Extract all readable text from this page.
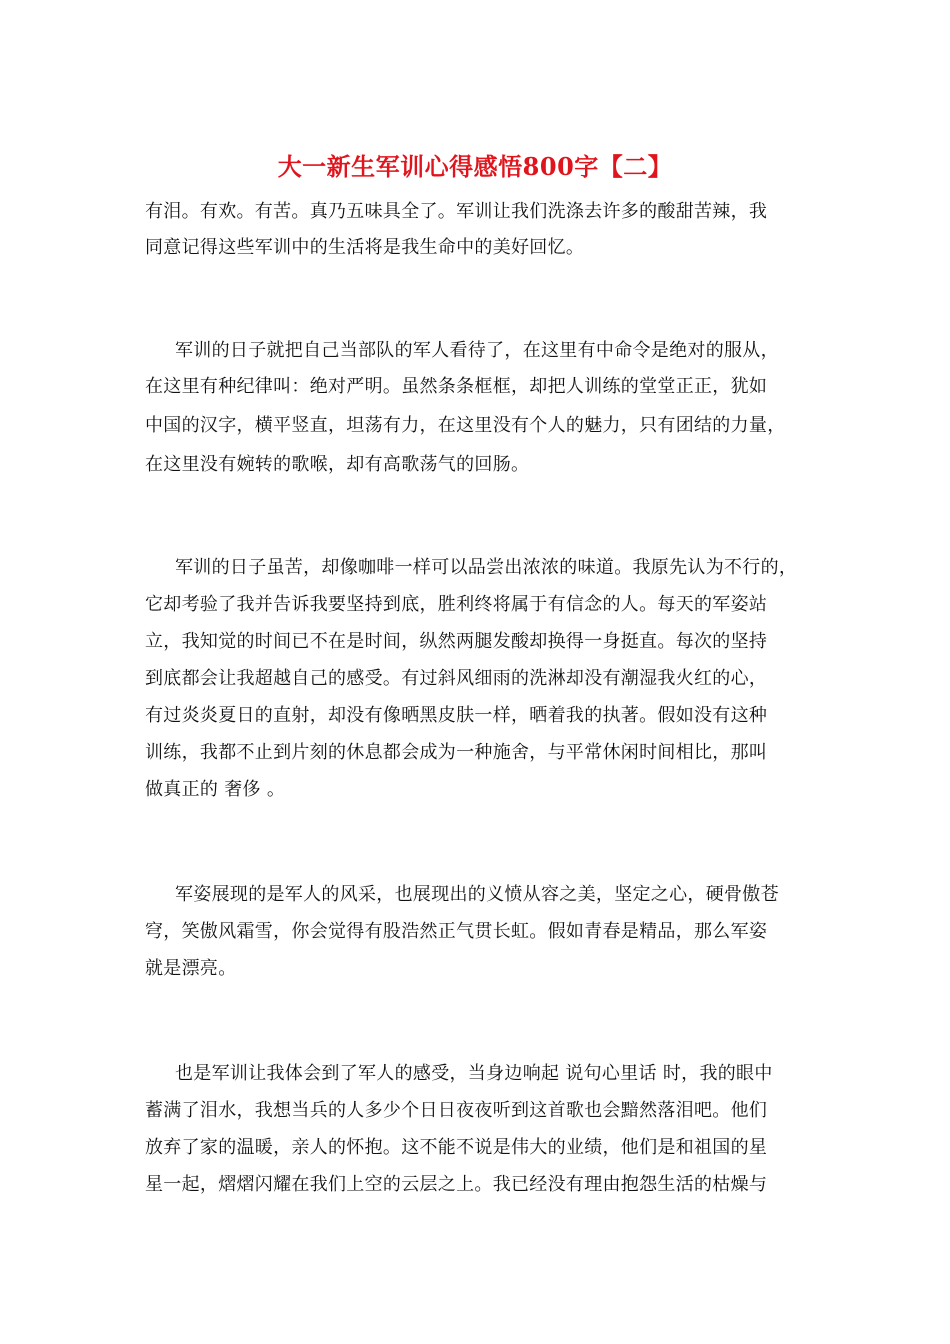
大一新生军训心得感悟800字【二】
有泪。有欢。有苦。真乃五味具全了。军训让我们洗涤去许多的酸甜苦辣，我
同意记得这些军训中的生活将是我生命中的美好回忆。
军训的日子就把自己当部队的军人看待了，在这里有中命令是绝对的服从，
在这里有种纪律叫：绝对严明。虽然条条框框，却把人训练的堂堂正正，犹如
中国的汉字，横平竖直，坦荡有力，在这里没有个人的魅力，只有团结的力量，
在这里没有婉转的歌喉，却有高歌荡气的回肠。
军训的日子虽苦，却像咖啡一样可以品尝出浓浓的味道。我原先认为不行的，
它却考验了我并告诉我要坚持到底，胜利终将属于有信念的人。每天的军姿站
立，我知觉的时间已不在是时间，纵然两腿发酸却换得一身挺直。每次的坚持
到底都会让我超越自己的感受。有过斜风细雨的洗淋却没有潮湿我火红的心，
有过炎炎夏日的直射，却没有像晒黑皮肤一样，晒着我的执著。假如没有这种
训练，我都不止到片刻的休息都会成为一种施舍，与平常休闲时间相比，那叫
做真正的 奢侈 。
军姿展现的是军人的风采，也展现出的义愤从容之美，坚定之心，硬骨傲苍
穹，笑傲风霜雪，你会觉得有股浩然正气贯长虹。假如青春是精品，那么军姿
就是漂亮。
也是军训让我体会到了军人的感受，当身边响起 说句心里话 时，我的眼中
蓄满了泪水，我想当兵的人多少个日日夜夜听到这首歌也会黯然落泪吧。他们
放弃了家的温暖，亲人的怀抱。这不能不说是伟大的业绩，他们是和祖国的星
星一起，熠熠闪耀在我们上空的云层之上。我已经没有理由抱怨生活的枯燥与
